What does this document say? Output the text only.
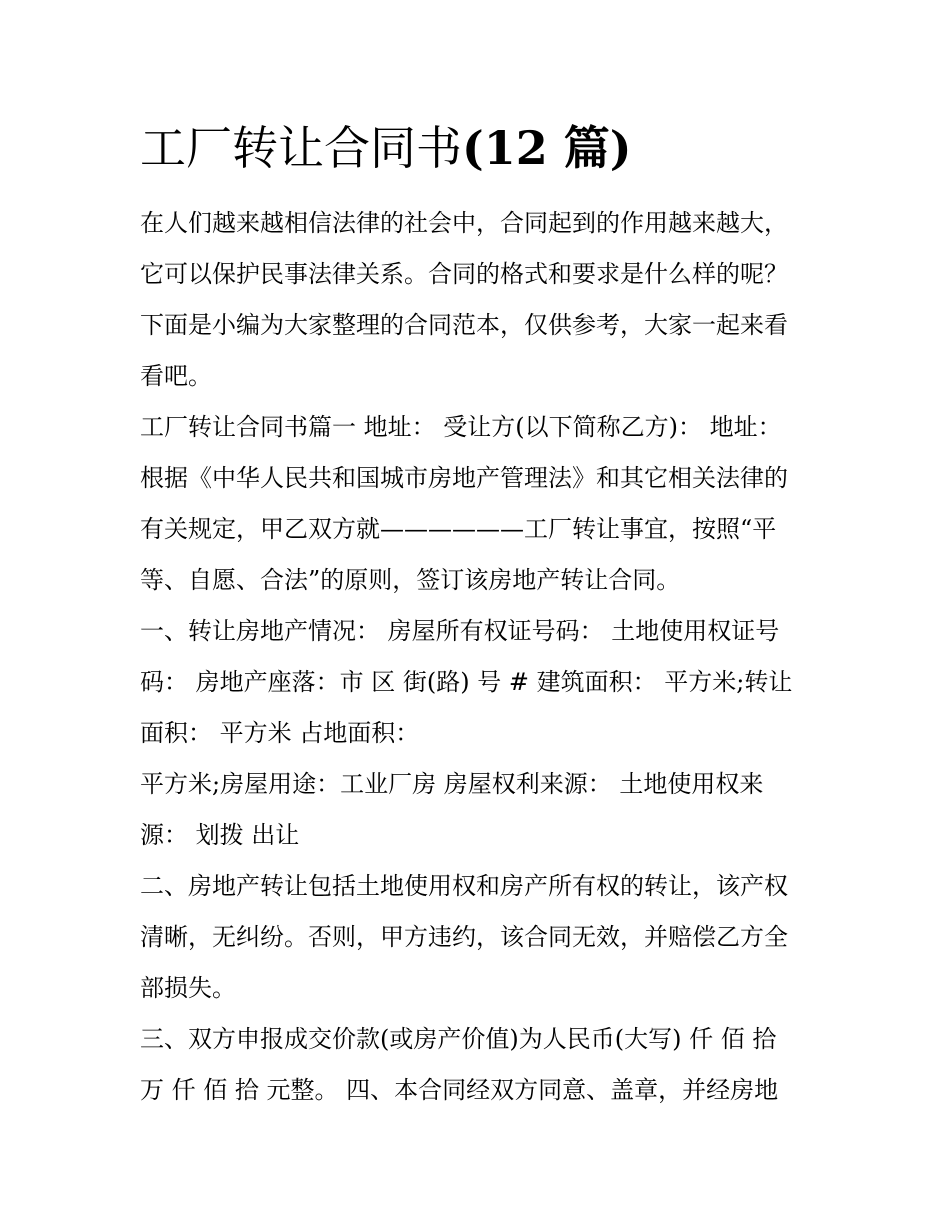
工厂转让合同书(12 篇)
在人们越来越相信法律的社会中，合同起到的作用越来越大，
它可以保护民事法律关系。合同的格式和要求是什么样的呢？
下面是小编为大家整理的合同范本，仅供参考，大家一起来看
看吧。
工厂转让合同书篇一 地址： 受让方(以下简称乙方)： 地址：
根据《中华人民共和国城市房地产管理法》和其它相关法律的
有关规定，甲乙双方就——————工厂转让事宜，按照“平
等、自愿、合法”的原则，签订该房地产转让合同。
一、转让房地产情况： 房屋所有权证号码： 土地使用权证号
码： 房地产座落：市 区 街(路) 号 # 建筑面积： 平方米;转让
面积： 平方米 占地面积：
平方米;房屋用途：工业厂房 房屋权利来源： 土地使用权来
源： 划拨 出让
二、房地产转让包括土地使用权和房产所有权的转让，该产权
清晰，无纠纷。否则，甲方违约，该合同无效，并赔偿乙方全
部损失。
三、双方申报成交价款(或房产价值)为人民币(大写) 仟 佰 拾
万 仟 佰 拾 元整。 四、本合同经双方同意、盖章，并经房地
